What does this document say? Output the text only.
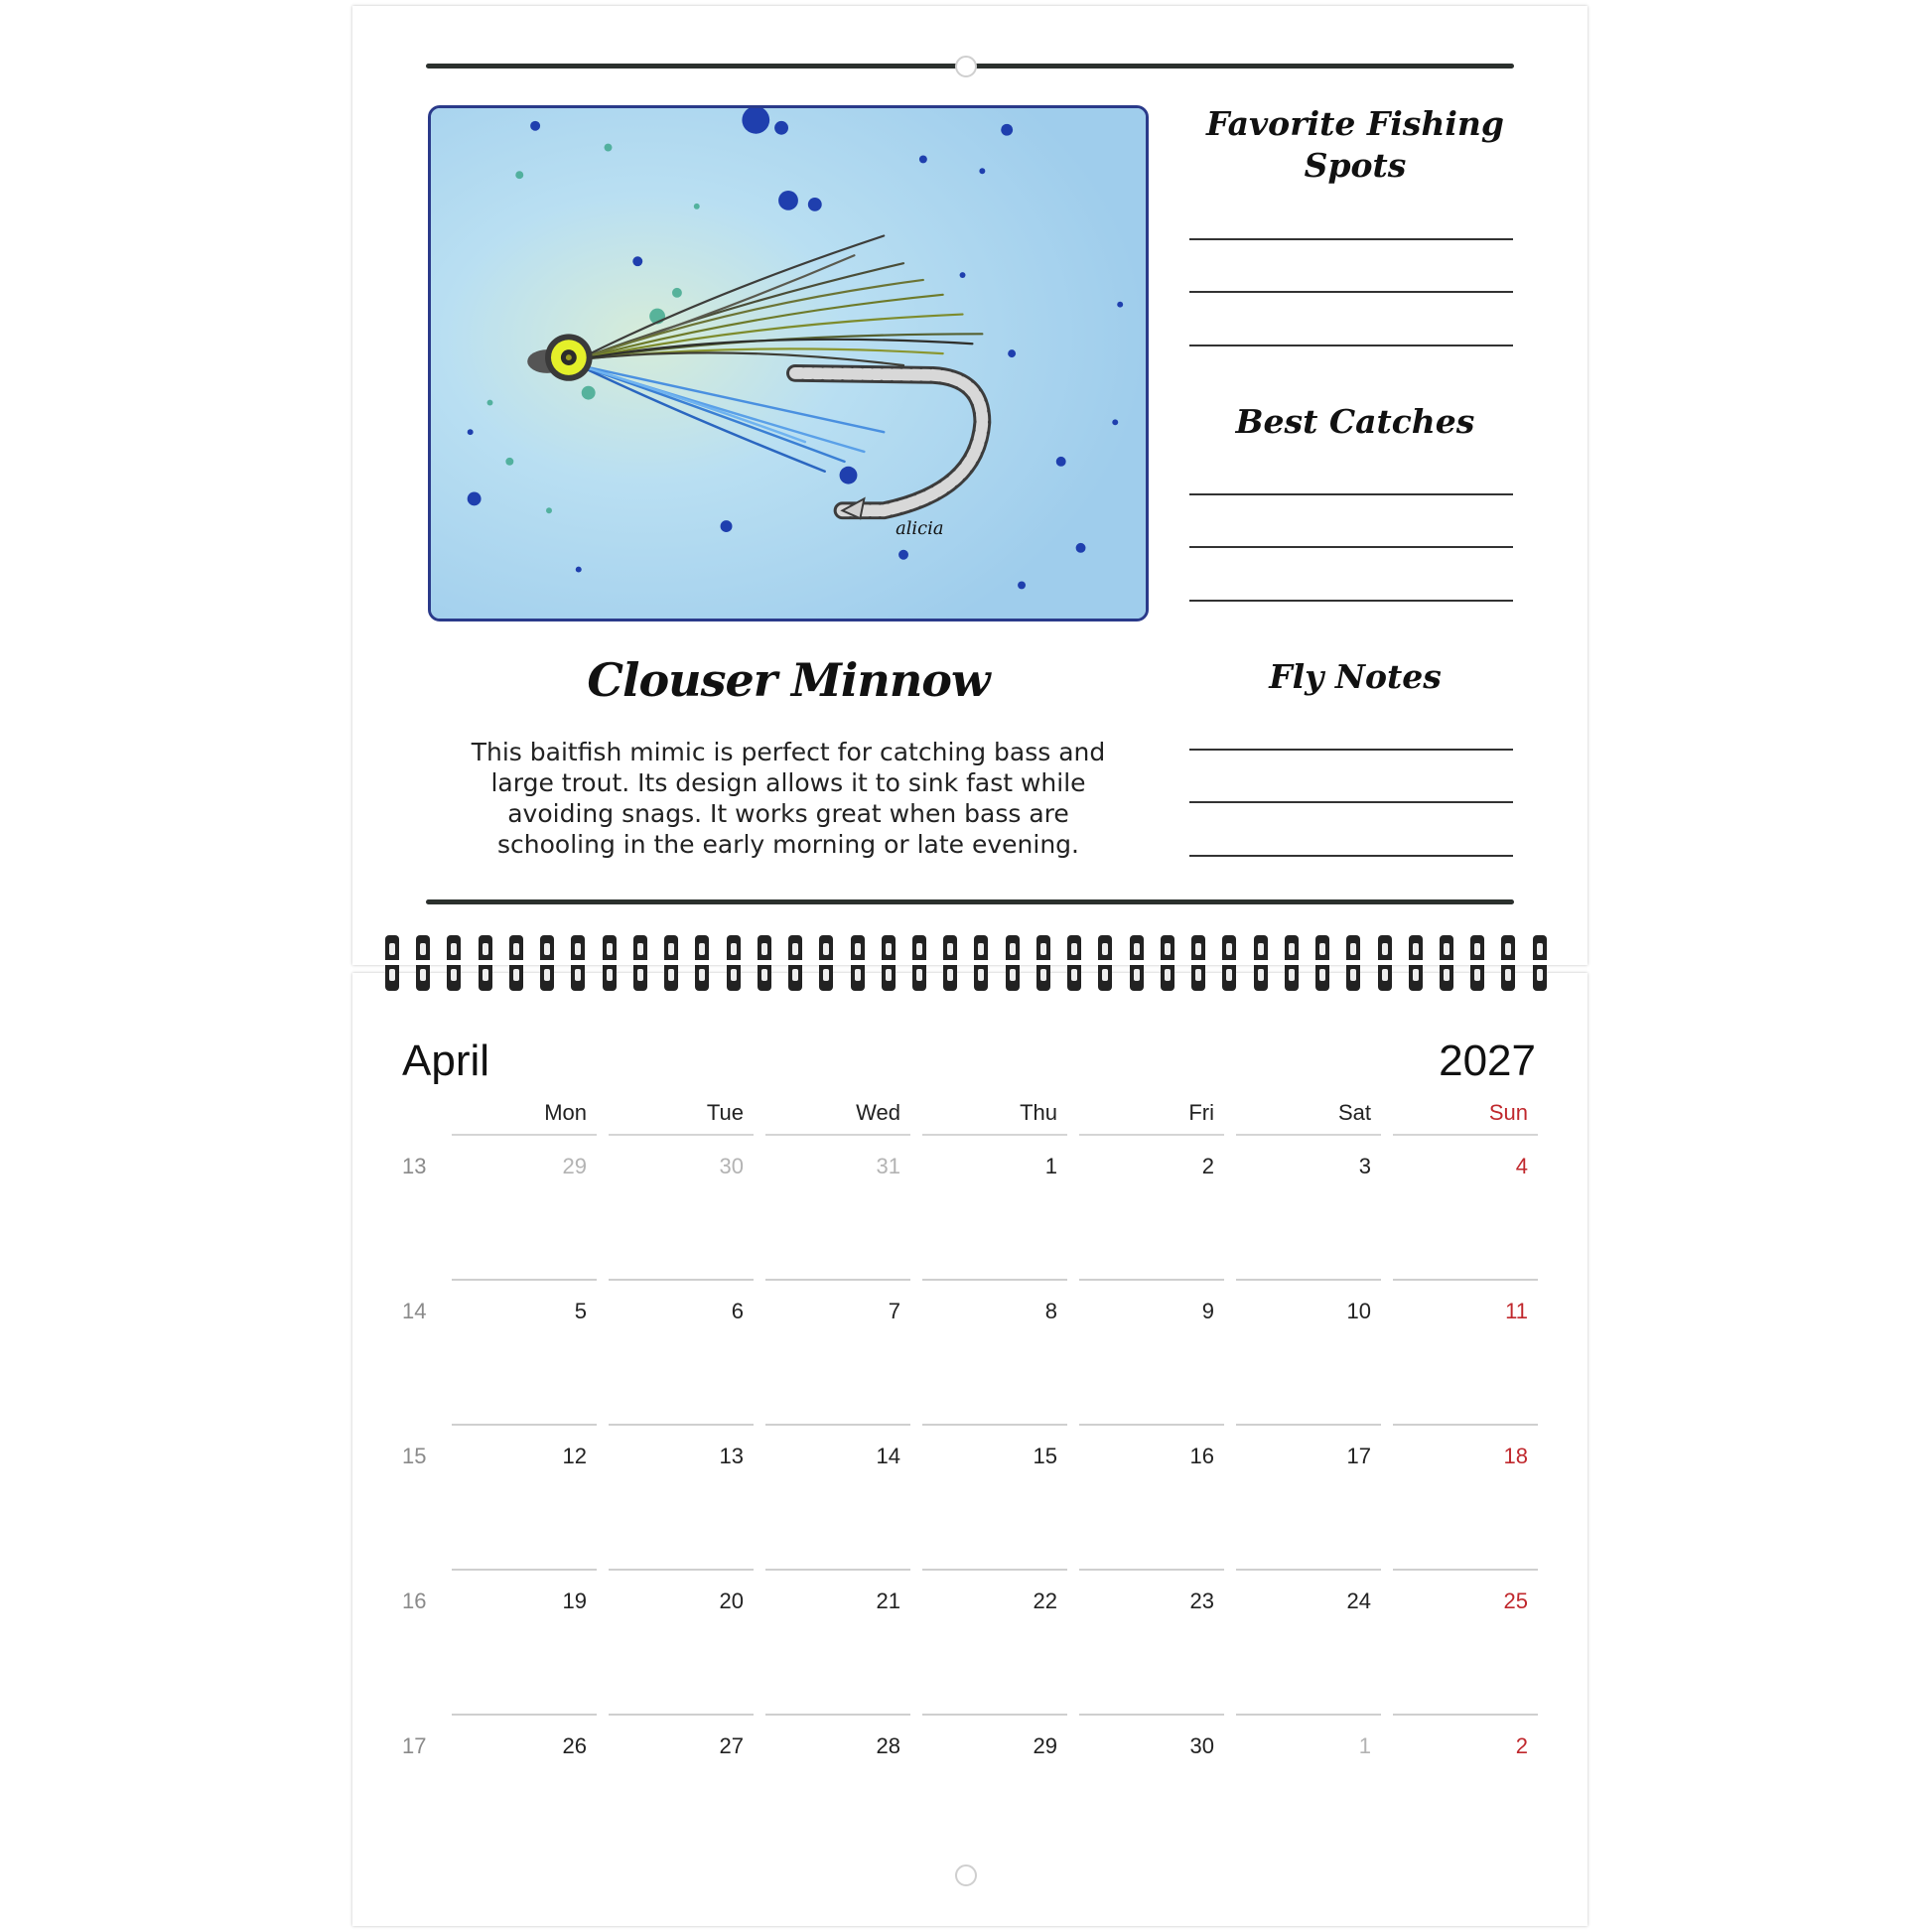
alicia
Clouser Minnow
This baitfish mimic is perfect for catching bass and large trout. Its design allows it to sink fast while avoiding snags. It works great when bass are schooling in the early morning or late evening.
Favorite Fishing Spots
Best Catches
Fly Notes
April	2027
Mon	Tue	Wed	Thu	Fri	Sat	Sun
13	29	30	31	1	2	3	4
14	5	6	7	8	9	10	11
15	12	13	14	15	16	17	18
16	19	20	21	22	23	24	25
17	26	27	28	29	30	1	2
